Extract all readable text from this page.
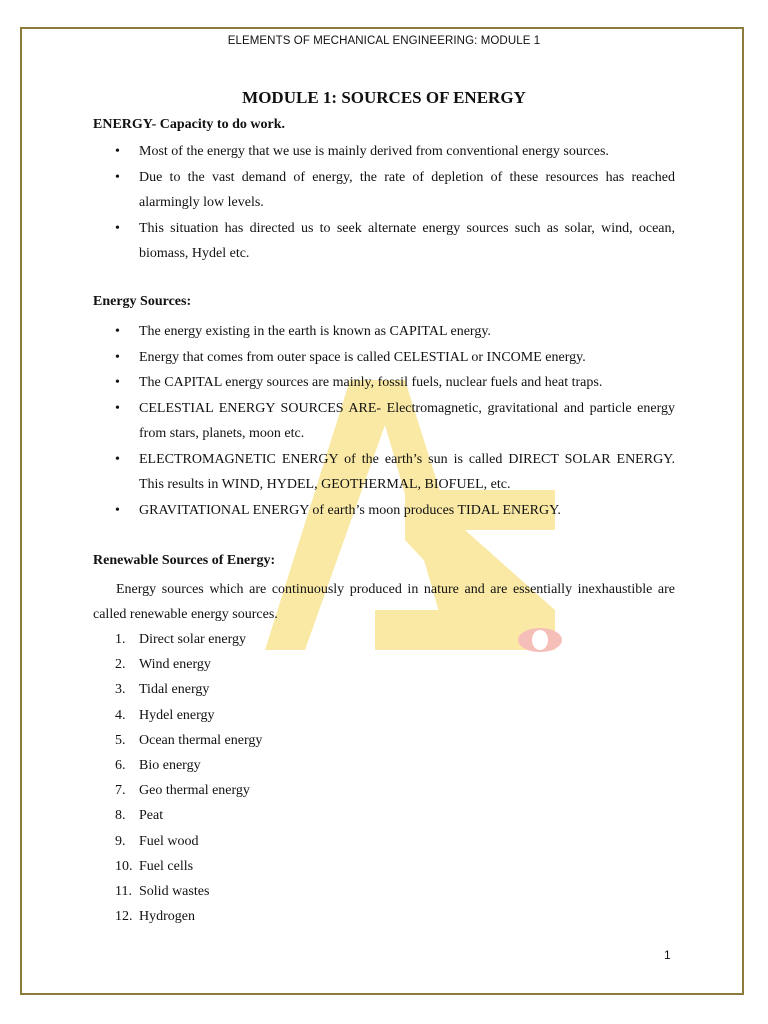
ELEMENTS OF MECHANICAL ENGINEERING: MODULE 1
MODULE 1: SOURCES OF ENERGY
ENERGY- Capacity to do work.
• Most of the energy that we use is mainly derived from conventional energy sources.
• Due to the vast demand of energy, the rate of depletion of these resources has reached alarmingly low levels.
• This situation has directed us to seek alternate energy sources such as solar, wind, ocean, biomass, Hydel etc.
Energy Sources:
• The energy existing in the earth is known as CAPITAL energy.
• Energy that comes from outer space is called CELESTIAL or INCOME energy.
• The CAPITAL energy sources are mainly, fossil fuels, nuclear fuels and heat traps.
• CELESTIAL ENERGY SOURCES ARE- Electromagnetic, gravitational and particle energy from stars, planets, moon etc.
• ELECTROMAGNETIC ENERGY of the earth’s sun is called DIRECT SOLAR ENERGY. This results in WIND, HYDEL, GEOTHERMAL, BIOFUEL, etc.
• GRAVITATIONAL ENERGY of earth’s moon produces TIDAL ENERGY.
Renewable Sources of Energy:

Energy sources which are continuously produced in nature and are essentially inexhaustible are called renewable energy sources.

1. Direct solar energy
2. Wind energy
3. Tidal energy
4. Hydel energy
5. Ocean thermal energy
6. Bio energy
7. Geo thermal energy
8. Peat
9. Fuel wood
10. Fuel cells
11. Solid wastes
12. Hydrogen
1
